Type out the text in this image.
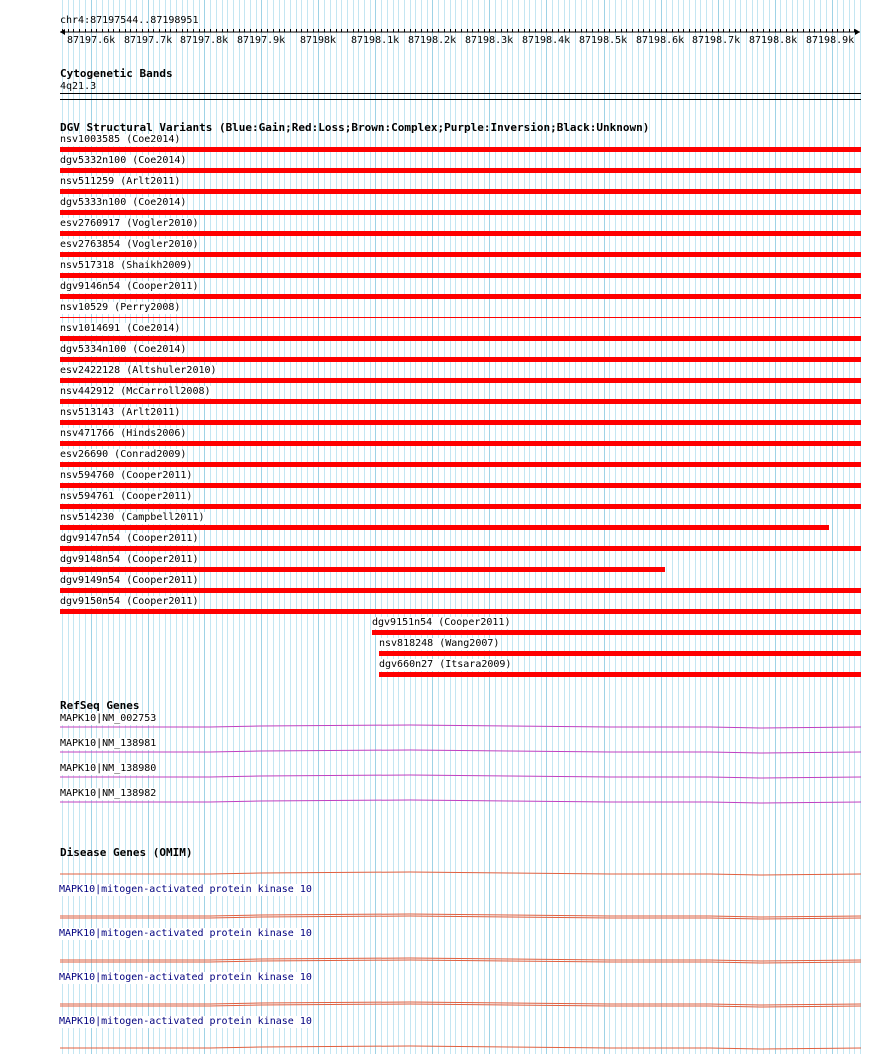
chr4:87197544..87198951
87197.6k 87197.7k 87197.8k 87197.9k	87198k	87198.1k 87198.2k 87198.3k 87198.4k 87198.5k 87198.6k 87198.7k 87198.8k 87198.9k
Cytogenetic Bands
4q21.3
DGV Structural Variants (Blue:Gain;Red:Loss;Brown:Complex;Purple:Inversion;Black:Unknown)
nsv1003585 (Coe2014)
dgv5332n100 (Coe2014)
nsv511259 (Arlt2011)
dgv5333n100 (Coe2014)
esv2760917 (Vogler2010)
esv2763854 (Vogler2010)
nsv517318 (Shaikh2009)
dgv9146n54 (Cooper2011)
nsv10529 (Perry2008)
nsv1014691 (Coe2014)
dgv5334n100 (Coe2014)
esv2422128 (Altshuler2010)
nsv442912 (McCarroll2008)
nsv513143 (Arlt2011)
nsv471766 (Hinds2006)
esv26690 (Conrad2009)
nsv594760 (Cooper2011)
nsv594761 (Cooper2011)
nsv514230 (Campbell2011)
dgv9147n54 (Cooper2011)
dgv9148n54 (Cooper2011)
dgv9149n54 (Cooper2011)
dgv9150n54 (Cooper2011)
dgv9151n54 (Cooper2011)
nsv818248 (Wang2007)
dgv660n27 (Itsara2009)
RefSeq Genes
MAPK10|NM_002753
MAPK10|NM_138981
MAPK10|NM_138980
MAPK10|NM_138982
Disease Genes (OMIM)
MAPK10|mitogen-activated protein kinase 10
MAPK10|mitogen-activated protein kinase 10
MAPK10|mitogen-activated protein kinase 10
MAPK10|mitogen-activated protein kinase 10
